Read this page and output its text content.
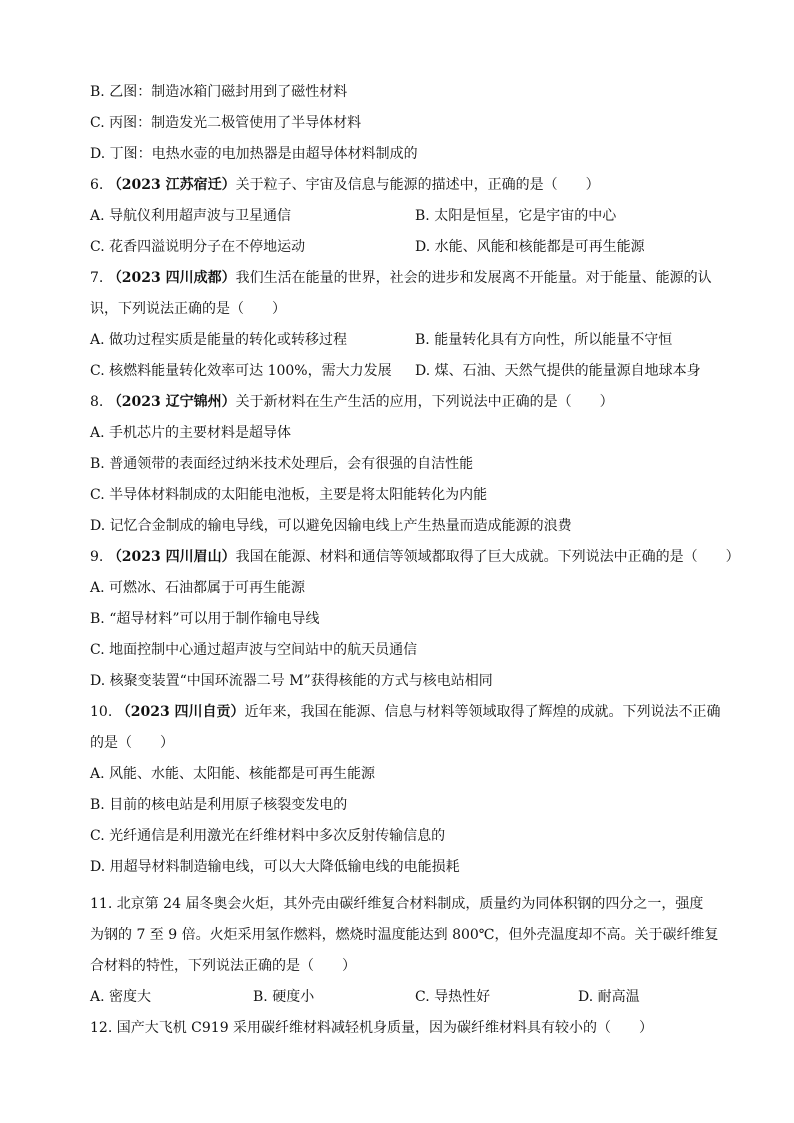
B. 乙图：制造冰箱门磁封用到了磁性材料
C. 丙图：制造发光二极管使用了半导体材料
D. 丁图：电热水壶的电加热器是由超导体材料制成的
6. （2023 江苏宿迁）关于粒子、宇宙及信息与能源的描述中，正确的是（　　）
A. 导航仪利用超声波与卫星通信	B. 太阳是恒星，它是宇宙的中心
C. 花香四溢说明分子在不停地运动	D. 水能、风能和核能都是可再生能源
7. （2023 四川成都）我们生活在能量的世界，社会的进步和发展离不开能量。对于能量、能源的认
识，下列说法正确的是（　　）
A. 做功过程实质是能量的转化或转移过程	B. 能量转化具有方向性，所以能量不守恒
C. 核燃料能量转化效率可达 100%，需大力发展 D. 煤、石油、天然气提供的能量源自地球本身
8. （2023 辽宁锦州）关于新材料在生产生活的应用，下列说法中正确的是（　　）
A. 手机芯片的主要材料是超导体
B. 普通领带的表面经过纳米技术处理后，会有很强的自洁性能
C. 半导体材料制成的太阳能电池板，主要是将太阳能转化为内能
D. 记忆合金制成的输电导线，可以避免因输电线上产生热量而造成能源的浪费
9. （2023 四川眉山）我国在能源、材料和通信等领域都取得了巨大成就。下列说法中正确的是（　　）
A. 可燃冰、石油都属于可再生能源
B. “超导材料”可以用于制作输电导线
C. 地面控制中心通过超声波与空间站中的航天员通信
D. 核聚变装置“中国环流器二号 M”获得核能的方式与核电站相同
10. （2023 四川自贡）近年来，我国在能源、信息与材料等领域取得了辉煌的成就。下列说法不正确
的是（　　）
A. 风能、水能、太阳能、核能都是可再生能源
B. 目前的核电站是利用原子核裂变发电的
C. 光纤通信是利用激光在纤维材料中多次反射传输信息的
D. 用超导材料制造输电线，可以大大降低输电线的电能损耗
11. 北京第 24 届冬奥会火炬，其外壳由碳纤维复合材料制成，质量约为同体积钢的四分之一，强度
为钢的 7 至 9 倍。火炬采用氢作燃料，燃烧时温度能达到 800℃，但外壳温度却不高。关于碳纤维复
合材料的特性，下列说法正确的是（　　）
A. 密度大	B. 硬度小	C. 导热性好	D. 耐高温
12. 国产大飞机 C919 采用碳纤维材料减轻机身质量，因为碳纤维材料具有较小的（　　）
